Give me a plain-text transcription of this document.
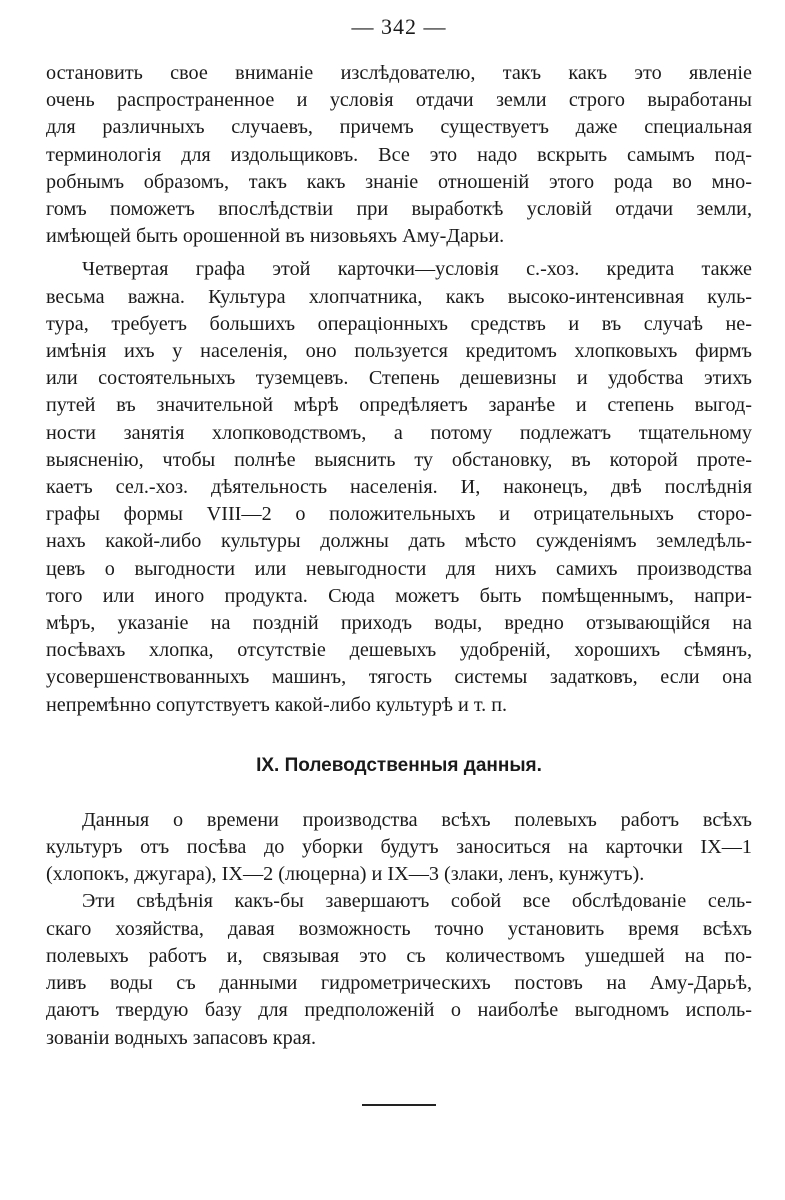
— 342 —
остановить свое вниманiе изслѣдователю, такъ какъ это явленiе
очень распространенное и условiя отдачи земли строго выработаны
для различныхъ случаевъ, причемъ существуетъ даже специальная
терминологiя для издольщиковъ. Все это надо вскрыть самымъ под-
робнымъ образомъ, такъ какъ знанiе отношенiй этого рода во мно-
гомъ поможетъ впослѣдствiи при выработкѣ условiй отдачи земли,
имѣющей быть орошенной въ низовьяхъ Аму-Дарьи.
Четвертая графа этой карточки—условiя с.-хоз. кредита также
весьма важна. Культура хлопчатника, какъ высоко-интенсивная куль-
тура, требуетъ большихъ операцiонныхъ средствъ и въ случаѣ не-
имѣнiя ихъ у населенiя, оно пользуется кредитомъ хлопковыхъ фирмъ
или состоятельныхъ туземцевъ. Степень дешевизны и удобства этихъ
путей въ значительной мѣрѣ опредѣляетъ заранѣе и степень выгод-
ности занятiя хлопководствомъ, а потому подлежатъ тщательному
выясненiю, чтобы полнѣе выяснить ту обстановку, въ которой проте-
каетъ сел.-хоз. дѣятельность населенiя. И, наконецъ, двѣ послѣднiя
графы формы VIII—2 о положительныхъ и отрицательныхъ сторо-
нахъ какой-либо культуры должны дать мѣсто сужденiямъ земледѣль-
цевъ о выгодности или невыгодности для нихъ самихъ производства
того или иного продукта. Сюда можетъ быть помѣщеннымъ, напри-
мѣръ, указанiе на позднiй приходъ воды, вредно отзывающiйся на
посѣвахъ хлопка, отсутствiе дешевыхъ удобренiй, хорошихъ сѣмянъ,
усовершенствованныхъ машинъ, тягость системы задатковъ, если она
непремѣнно сопутствуетъ какой-либо культурѣ и т. п.
IX. Полеводственныя данныя.
Данныя о времени производства всѣхъ полевыхъ работъ всѣхъ
культуръ отъ посѣва до уборки будутъ заноситься на карточки IX—1
(хлопокъ, джугара), IX—2 (люцерна) и IX—3 (злаки, ленъ, кунжутъ).
Эти свѣдѣнiя какъ-бы завершаютъ собой все обслѣдованiе сель-
скаго хозяйства, давая возможность точно установить время всѣхъ
полевыхъ работъ и, связывая это съ количествомъ ушедшей на по-
ливъ воды съ данными гидрометрическихъ постовъ на Аму-Дарьѣ,
даютъ твердую базу для предположенiй о наиболѣе выгодномъ исполь-
зованiи водныхъ запасовъ края.
